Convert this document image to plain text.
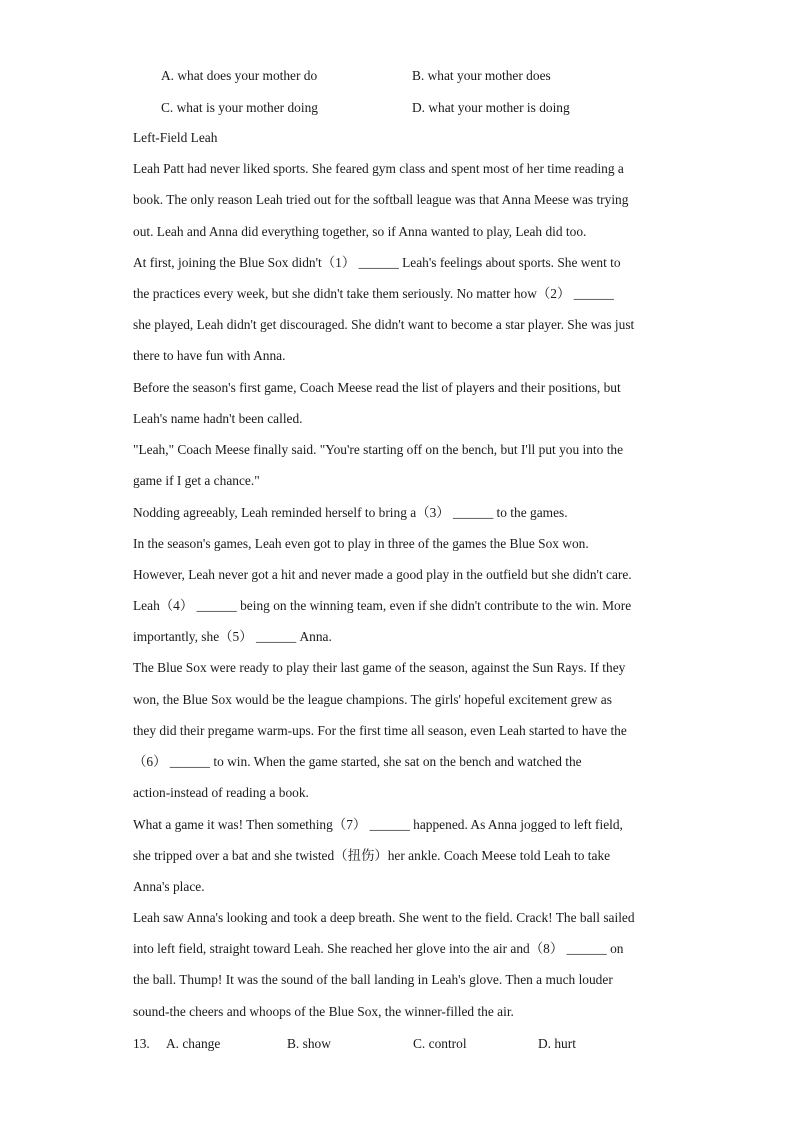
A. what does your mother do	B. what your mother does
C. what is your mother doing	D. what your mother is doing
Left-Field Leah
Leah Patt had never liked sports. She feared gym class and spent most of her time reading a
book. The only reason Leah tried out for the softball league was that Anna Meese was trying
out. Leah and Anna did everything together, so if Anna wanted to play, Leah did too.
At first, joining the Blue Sox didn't（1） ______ Leah's feelings about sports. She went to
the practices every week, but she didn't take them seriously. No matter how（2） ______
she played, Leah didn't get discouraged. She didn't want to become a star player. She was just
there to have fun with Anna.
Before the season's first game, Coach Meese read the list of players and their positions, but
Leah's name hadn't been called.
"Leah," Coach Meese finally said. "You're starting off on the bench, but I'll put you into the
game if I get a chance."
Nodding agreeably, Leah reminded herself to bring a（3） ______ to the games.
In the season's games, Leah even got to play in three of the games the Blue Sox won.
However, Leah never got a hit and never made a good play in the outfield but she didn't care.
Leah（4） ______ being on the winning team, even if she didn't contribute to the win. More
importantly, she（5） ______ Anna.
The Blue Sox were ready to play their last game of the season, against the Sun Rays. If they
won, the Blue Sox would be the league champions. The girls' hopeful excitement grew as
they did their pregame warm-ups. For the first time all season, even Leah started to have the
（6） ______ to win. When the game started, she sat on the bench and watched the
action-instead of reading a book.
What a game it was! Then something（7） ______ happened. As Anna jogged to left field,
she tripped over a bat and she twisted（扭伤）her ankle. Coach Meese told Leah to take
Anna's place.
Leah saw Anna's looking and took a deep breath. She went to the field. Crack! The ball sailed
into left field, straight toward Leah. She reached her glove into the air and（8） ______ on
the ball. Thump! It was the sound of the ball landing in Leah's glove. Then a much louder
sound-the cheers and whoops of the Blue Sox, the winner-filled the air.
13. A. change	B. show	C. control	D. hurt
